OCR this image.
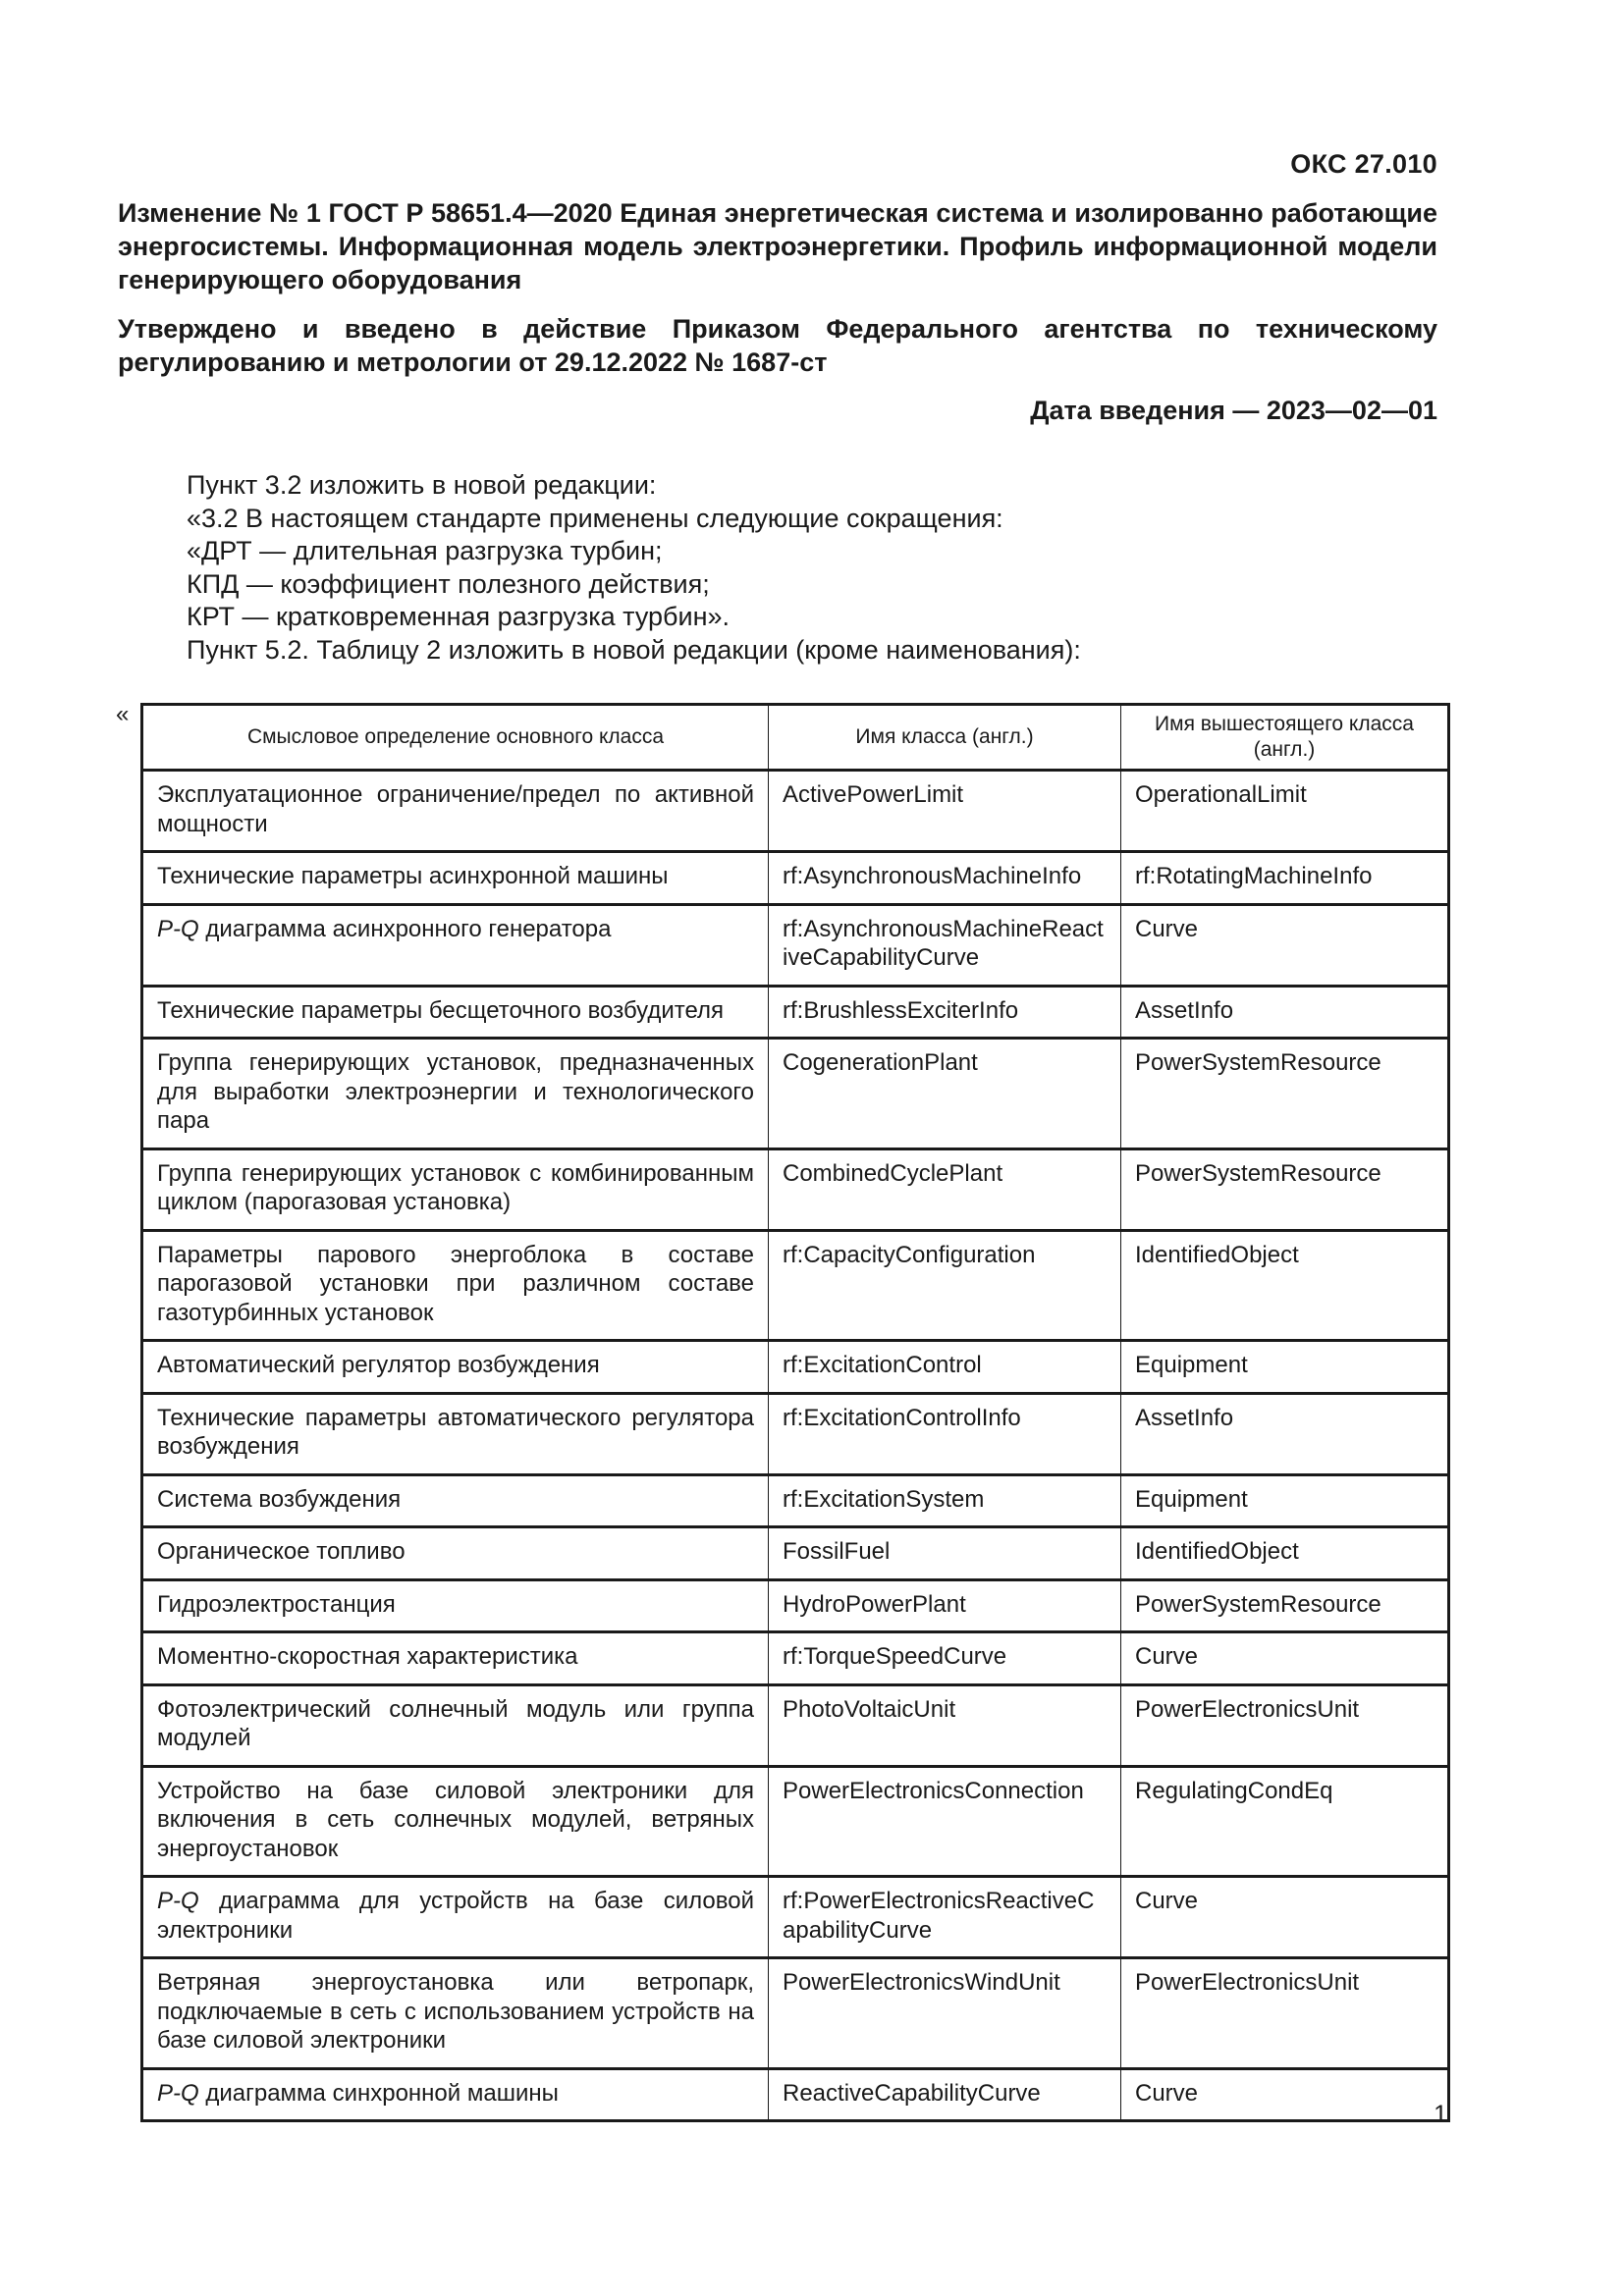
ОКС 27.010
Изменение № 1 ГОСТ Р 58651.4—2020 Единая энергетическая система и изолированно работающие энергосистемы. Информационная модель электроэнергетики. Профиль информационной модели генерирующего оборудования
Утверждено и введено в действие Приказом Федерального агентства по техническому регулированию и метрологии от 29.12.2022 № 1687-ст
Дата введения — 2023—02—01
Пункт 3.2 изложить в новой редакции:
«3.2 В настоящем стандарте применены следующие сокращения:
«ДРТ — длительная разгрузка турбин;
КПД — коэффициент полезного действия;
КРТ — кратковременная разгрузка турбин».
Пункт 5.2. Таблицу 2 изложить в новой редакции (кроме наименования):
«
Смысловое определение основного класса	Имя класса (англ.)	Имя вышестоящего класса (англ.)
Эксплуатационное ограничение/предел по активной мощности	ActivePowerLimit	OperationalLimit
Технические параметры асинхронной машины	rf:AsynchronousMachineInfo	rf:RotatingMachineInfo
P-Q диаграмма асинхронного генератора	rf:AsynchronousMachineReactiveCapabilityCurve	Curve
Технические параметры бесщеточного возбудителя	rf:BrushlessExciterInfo	AssetInfo
Группа генерирующих установок, предназначенных для выработки электроэнергии и технологического пара	CogenerationPlant	PowerSystemResource
Группа генерирующих установок с комбинированным циклом (парогазовая установка)	CombinedCyclePlant	PowerSystemResource
Параметры парового энергоблока в составе парогазовой установки при различном составе газотурбинных установок	rf:CapacityConfiguration	IdentifiedObject
Автоматический регулятор возбуждения	rf:ExcitationControl	Equipment
Технические параметры автоматического регулятора возбуждения	rf:ExcitationControlInfo	AssetInfo
Система возбуждения	rf:ExcitationSystem	Equipment
Органическое топливо	FossilFuel	IdentifiedObject
Гидроэлектростанция	HydroPowerPlant	PowerSystemResource
Моментно-скоростная характеристика	rf:TorqueSpeedCurve	Curve
Фотоэлектрический солнечный модуль или группа модулей	PhotoVoltaicUnit	PowerElectronicsUnit
Устройство на базе силовой электроники для включения в сеть солнечных модулей, ветряных энергоустановок	PowerElectronicsConnection	RegulatingCondEq
P-Q диаграмма для устройств на базе силовой электроники	rf:PowerElectronicsReactiveCapabilityCurve	Curve
Ветряная энергоустановка или ветропарк, подключаемые в сеть с использованием устройств на базе силовой электроники	PowerElectronicsWindUnit	PowerElectronicsUnit
P-Q диаграмма синхронной машины	ReactiveCapabilityCurve	Curve
1
